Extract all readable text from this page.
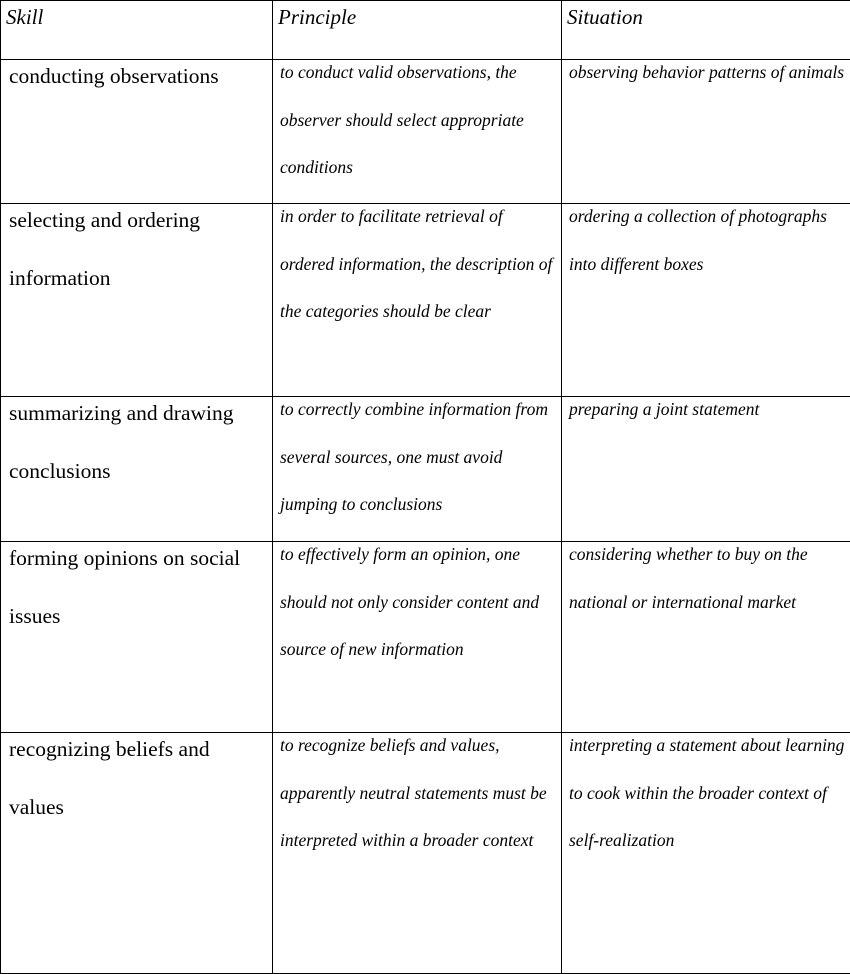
Skill	Principle	Situation

conducting observations	to conduct valid observations, the observer should select appropriate conditions	observing behavior patterns of animals

selecting and ordering information	in order to facilitate retrieval of ordered information, the description of the categories should be clear	ordering a collection of photographs into different boxes

summarizing and drawing conclusions	to correctly combine information from several sources, one must avoid jumping to conclusions	preparing a joint statement

forming opinions on social issues	to effectively form an opinion, one should not only consider content and source of new information	considering whether to buy on the national or international market

recognizing beliefs and values	to recognize beliefs and values, apparently neutral statements must be interpreted within a broader context	interpreting a statement about learning to cook within the broader context of self-realization
